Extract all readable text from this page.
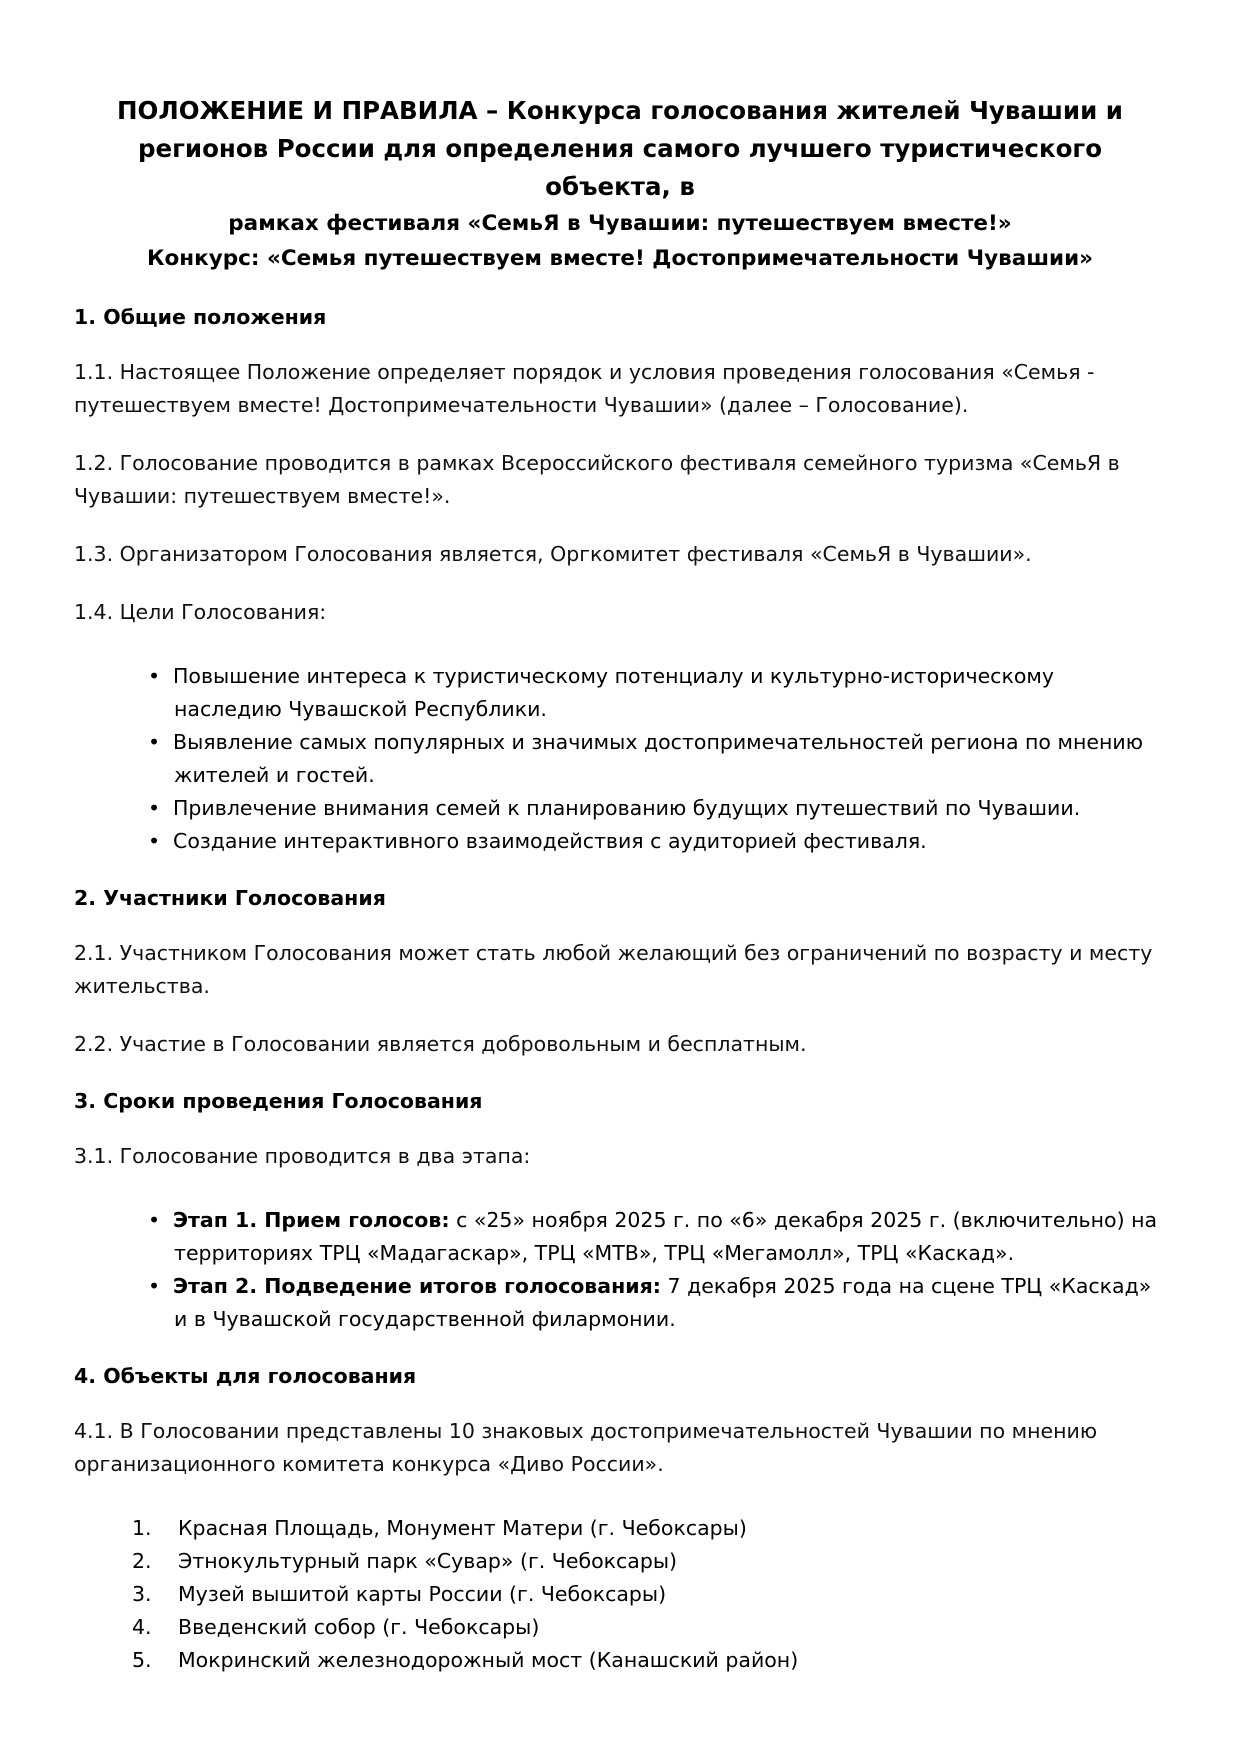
ПОЛОЖЕНИЕ И ПРАВИЛА – Конкурса голосования жителей Чувашии и
регионов России для определения самого лучшего туристического объекта, в
рамках фестиваля «СемьЯ в Чувашии: путешествуем вместе!»
Конкурс: «Семья путешествуем вместе! Достопримечательности Чувашии»
1. Общие положения

1.1. Настоящее Положение определяет порядок и условия проведения голосования «Семья - путешествуем вместе! Достопримечательности Чувашии» (далее – Голосование).

1.2. Голосование проводится в рамках Всероссийского фестиваля семейного туризма «СемьЯ в Чувашии: путешествуем вместе!».

1.3. Организатором Голосования является, Оргкомитет фестиваля «СемьЯ в Чувашии».

1.4. Цели Голосования:

• Повышение интереса к туристическому потенциалу и культурно-историческому наследию Чувашской Республики.
• Выявление самых популярных и значимых достопримечательностей региона по мнению жителей и гостей.
• Привлечение внимания семей к планированию будущих путешествий по Чувашии.
• Создание интерактивного взаимодействия с аудиторией фестиваля.
2. Участники Голосования

2.1. Участником Голосования может стать любой желающий без ограничений по возрасту и месту жительства.

2.2. Участие в Голосовании является добровольным и бесплатным.

3. Сроки проведения Голосования

3.1. Голосование проводится в два этапа:

• Этап 1. Прием голосов: с «25» ноября 2025 г. по «6» декабря 2025 г. (включительно) на территориях ТРЦ «Мадагаскар», ТРЦ «МТВ», ТРЦ «Мегамолл», ТРЦ «Каскад».
• Этап 2. Подведение итогов голосования: 7 декабря 2025 года на сцене ТРЦ «Каскад» и в Чувашской государственной филармонии.
4. Объекты для голосования

4.1. В Голосовании представлены 10 знаковых достопримечательностей Чувашии по мнению организационного комитета конкурса «Диво России».

1.	Красная Площадь, Монумент Матери (г. Чебоксары)
2.	Этнокультурный парк «Сувар» (г. Чебоксары)
3.	Музей вышитой карты России (г. Чебоксары)
4.	Введенский собор (г. Чебоксары)
5.	Мокринский железнодорожный мост (Канашский район)
